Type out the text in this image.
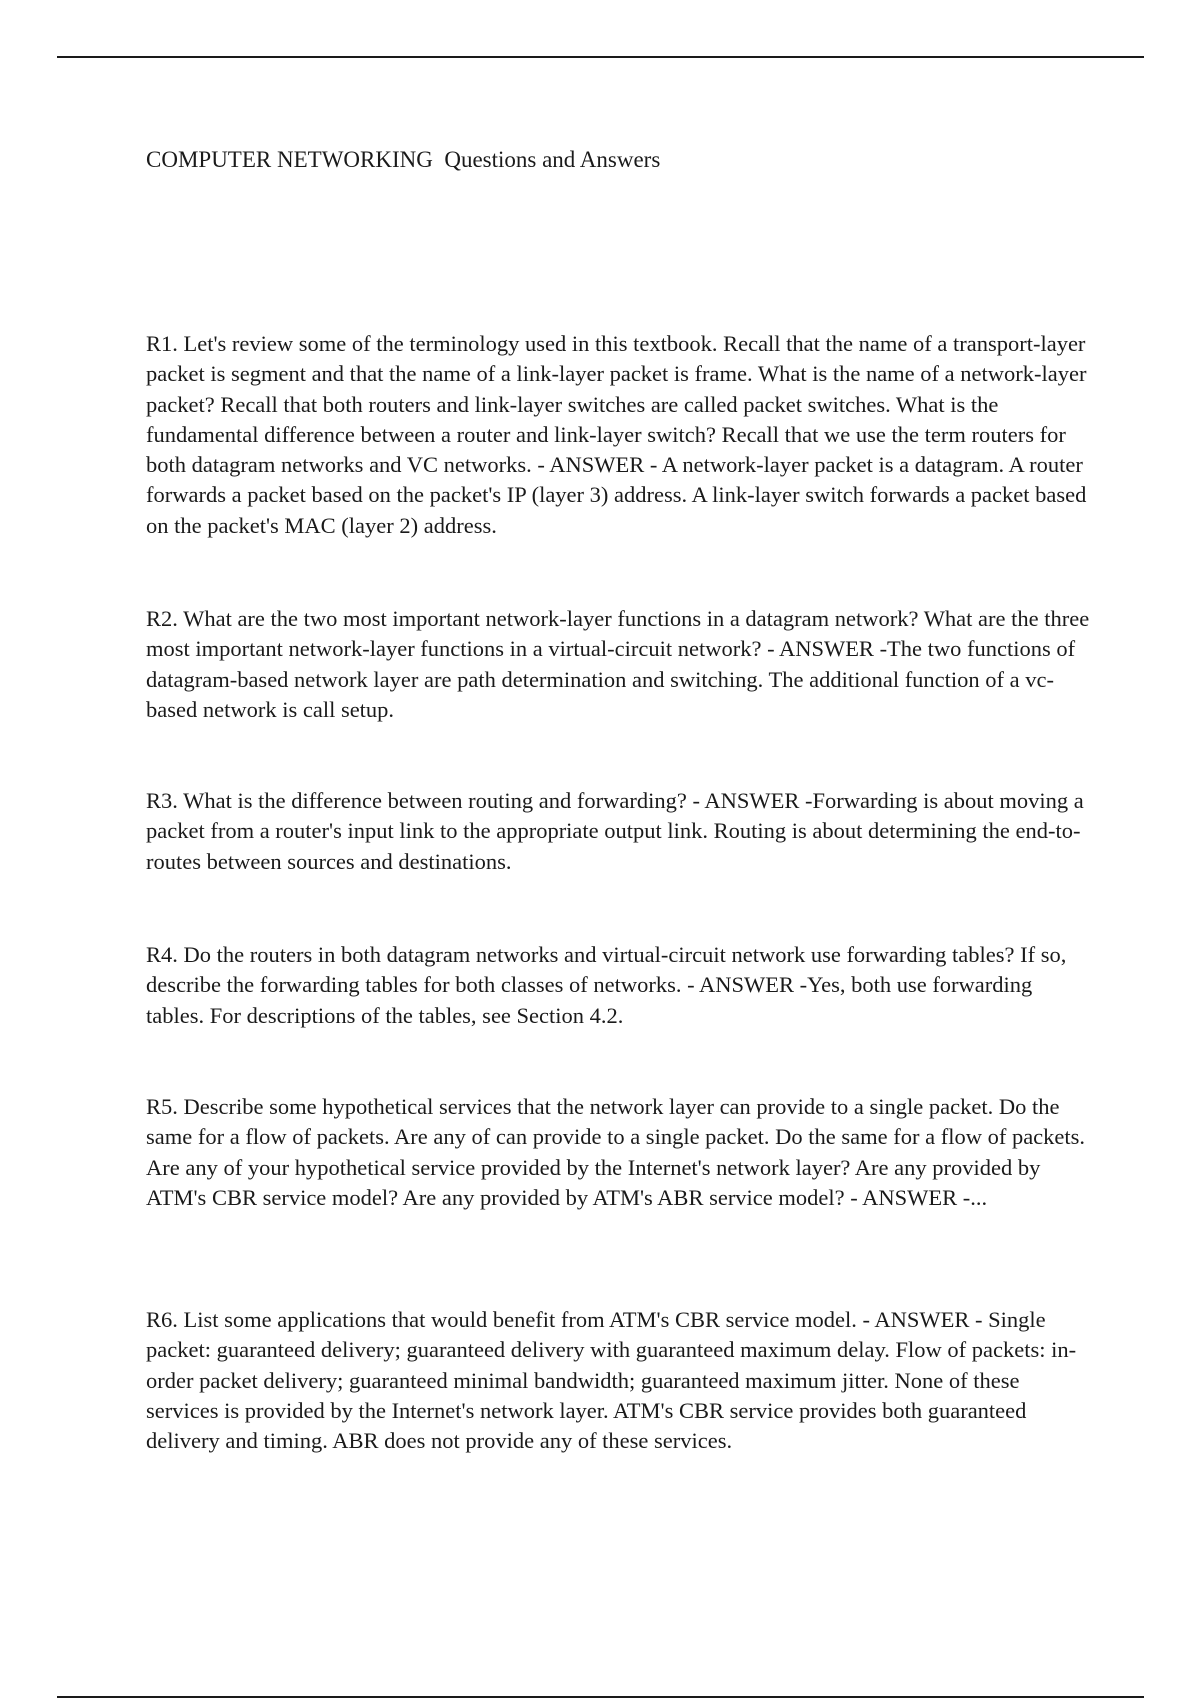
COMPUTER NETWORKING  Questions and Answers

R1. Let's review some of the terminology used in this textbook. Recall that the name of a transport-layer packet is segment and that the name of a link-layer packet is frame. What is the name of a network-layer packet? Recall that both routers and link-layer switches are called packet switches. What is the fundamental difference between a router and link-layer switch? Recall that we use the term routers for both datagram networks and VC networks. - ANSWER - A network-layer packet is a datagram. A router forwards a packet based on the packet's IP (layer 3) address. A link-layer switch forwards a packet based on the packet's MAC (layer 2) address.

R2. What are the two most important network-layer functions in a datagram network? What are the three most important network-layer functions in a virtual-circuit network? - ANSWER -The two functions of datagram-based network layer are path determination and switching. The additional function of a vc-based network is call setup.

R3. What is the difference between routing and forwarding? - ANSWER -Forwarding is about moving a packet from a router's input link to the appropriate output link. Routing is about determining the end-to-routes between sources and destinations.

R4. Do the routers in both datagram networks and virtual-circuit network use forwarding tables? If so, describe the forwarding tables for both classes of networks. - ANSWER -Yes, both use forwarding tables. For descriptions of the tables, see Section 4.2.

R5. Describe some hypothetical services that the network layer can provide to a single packet. Do the same for a flow of packets. Are any of can provide to a single packet. Do the same for a flow of packets. Are any of your hypothetical service provided by the Internet's network layer? Are any provided by ATM's CBR service model? Are any provided by ATM's ABR service model? - ANSWER -...

R6. List some applications that would benefit from ATM's CBR service model. - ANSWER - Single packet: guaranteed delivery; guaranteed delivery with guaranteed maximum delay. Flow of packets: in-order packet delivery; guaranteed minimal bandwidth; guaranteed maximum jitter. None of these services is provided by the Internet's network layer. ATM's CBR service provides both guaranteed delivery and timing. ABR does not provide any of these services.
